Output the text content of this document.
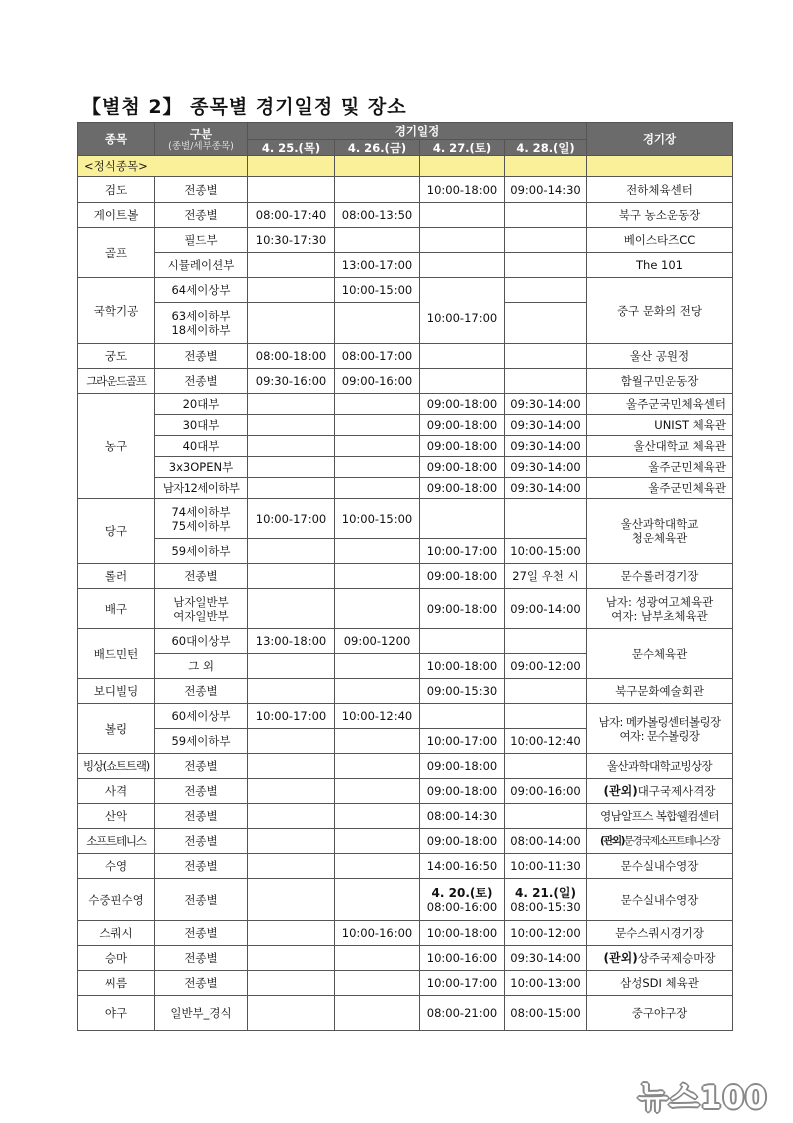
【별첨 2】 종목별 경기일정 및 장소
종목	구분
(종별/세부종목)	경기일정				경기장
		4. 25.(목)	4. 26.(금)	4. 27.(토)	4. 28.(일)	
<정식종목>						
검도	전종별			10:00-18:00	09:00-14:30	전하체육센터
게이트볼	전종별	08:00-17:40	08:00-13:50			북구 농소운동장
골프	필드부	10:30-17:30				베이스타즈CC
	시뮬레이션부		13:00-17:00			The 101
국학기공	64세이상부		10:00-15:00	10:00-17:00		중구 문화의 전당

	63세이하부
18세이하부					

궁도	전종별	08:00-18:00	08:00-17:00			울산 공원정
그라운드골프	전종별	09:30-16:00	09:00-16:00			함월구민운동장
농구	20대부			09:00-18:00	09:30-14:00	울주군국민체육센터
	30대부			09:00-18:00	09:30-14:00	UNIST 체육관
	40대부			09:00-18:00	09:30-14:00	울산대학교 체육관
	3x3OPEN부			09:00-18:00	09:30-14:00	울주군민체육관
	남자12세이하부			09:00-18:00	09:30-14:00	울주군민체육관
당구	74세이하부
75세이하부	10:00-17:00	10:00-15:00			울산과학대학교
청운체육관

	59세이하부			10:00-17:00	10:00-15:00	
롤러	전종별			09:00-18:00	27일 우천 시	문수롤러경기장
배구	남자일반부
여자일반부			09:00-18:00	09:00-14:00	남자: 성광여고체육관
여자: 남부초체육관

배드민턴	60대이상부	13:00-18:00	09:00-1200			문수체육관
	그 외			10:00-18:00	09:00-12:00	
보디빌딩	전종별			09:00-15:30		북구문화예술회관
볼링	60세이상부	10:00-17:00	10:00-12:40			남자: 메카볼링센터볼링장
여자: 문수볼링장

	59세이하부			10:00-17:00	10:00-12:40	
빙상(쇼트트랙)	전종별			09:00-18:00		울산과학대학교빙상장
사격	전종별			09:00-18:00	09:00-16:00	(관외)대구국제사격장
산악	전종별			08:00-14:30		영남알프스 복합웰컴센터
소프트테니스	전종별			09:00-18:00	08:00-14:00	(관외)문경국제소프트테니스장
수영	전종별			14:00-16:50	10:00-11:30	문수실내수영장
수중핀수영	전종별			4. 20.(토)
08:00-16:00	4. 21.(일)
08:00-15:30	문수실내수영장
스쿼시	전종별		10:00-16:00	10:00-18:00	10:00-12:00	문수스쿼시경기장
승마	전종별			10:00-16:00	09:30-14:00	(관외)상주국제승마장
씨름	전종별			10:00-17:00	10:00-13:00	삼성SDI 체육관
야구	일반부_경식			08:00-21:00	08:00-15:00	중구야구장
뉴스100
